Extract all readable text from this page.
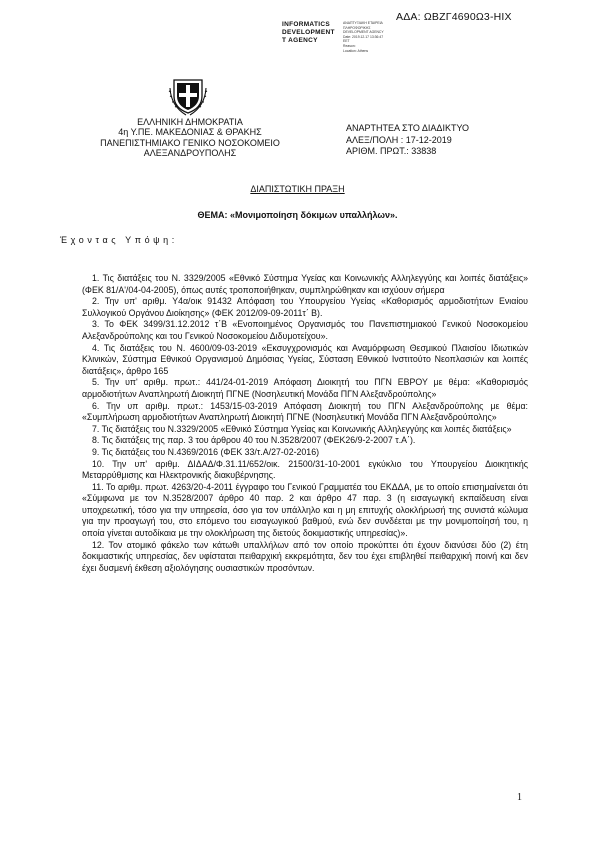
ΑΔΑ: ΩΒΖΓ4690Ω3-ΗΙΧ
INFORMATICS
DEVELOPMENT
T AGENCY
ΑΝΑΠΤΥΞΙΑΚΗ ΕΤΑΙΡΕΙΑ
ΠΛΗΡΟΦΟΡΙΚΗΣ
DEVELOPMENT AGENCY
Date: 2019.12.17 13:36:47
EET
Reason:
Location: Athens
ΕΛΛΗΝΙΚΗ ΔΗΜΟΚΡΑΤΙΑ
4η Υ.ΠΕ. ΜΑΚΕΔΟΝΙΑΣ & ΘΡΑΚΗΣ
ΠΑΝΕΠΙΣΤΗΜΙΑΚΟ ΓΕΝΙΚΟ ΝΟΣΟΚΟΜΕΙΟ
ΑΛΕΞΑΝΔΡΟΥΠΟΛΗΣ
ΑΝΑΡΤΗΤΕΑ ΣΤΟ ΔΙΑΔΙΚΤΥΟ
ΑΛΕΞ/ΠΟΛΗ : 17-12-2019
ΑΡΙΘΜ. ΠΡΩΤ.: 33838
ΔΙΑΠΙΣΤΩΤΙΚΗ ΠΡΑΞΗ
ΘΕΜΑ: «Μονιμοποίηση δόκιμων υπαλλήλων».
Έχοντας Υπόψη:

1. Τις διατάξεις του Ν. 3329/2005 «Εθνικό Σύστημα Υγείας και Κοινωνικής Αλληλεγγύης και λοιπές διατάξεις» (ΦΕΚ 81/Α'/04-04-2005), όπως αυτές τροποποιήθηκαν, συμπληρώθηκαν και ισχύουν σήμερα

2. Την υπ' αριθμ. Υ4α/οικ 91432 Απόφαση του Υπουργείου Υγείας «Καθορισμός αρμοδιοτήτων Ενιαίου Συλλογικού Οργάνου Διοίκησης» (ΦΕΚ 2012/09-09-2011τ΄ Β).

3. Το ΦΕΚ 3499/31.12.2012 τ΄Β «Ενοποιημένος Οργανισμός του Πανεπιστημιακού Γενικού Νοσοκομείου Αλεξανδρούπολης και του Γενικού Νοσοκομείου Διδυμοτείχου».

4. Τις διατάξεις του Ν. 4600/09-03-2019 «Εκσυγχρονισμός και Αναμόρφωση Θεσμικού Πλαισίου Ιδιωτικών Κλινικών, Σύστημα Εθνικού Οργανισμού Δημόσιας Υγείας, Σύσταση Εθνικού Ινστιτούτο Νεοπλασιών και λοιπές διατάξεις», άρθρο 165

5. Την υπ' αριθμ. πρωτ.: 441/24-01-2019 Απόφαση Διοικητή του ΠΓΝ ΕΒΡΟΥ με θέμα: «Καθορισμός αρμοδιοτήτων Αναπληρωτή Διοικητή ΠΓΝΕ (Νοσηλευτική Μονάδα ΠΓΝ Αλεξανδρούπολης»

6. Την υπ αριθμ. πρωτ.: 1453/15-03-2019 Απόφαση Διοικητή του ΠΓΝ Αλεξανδρούπολης με θέμα: «Συμπλήρωση αρμοδιοτήτων Αναπληρωτή Διοικητή ΠΓΝΕ (Νοσηλευτική Μονάδα ΠΓΝ Αλεξανδρούπολης»

7. Τις διατάξεις του Ν.3329/2005 «Εθνικό Σύστημα Υγείας και Κοινωνικής Αλληλεγγύης και λοιπές διατάξεις»

8. Τις διατάξεις της παρ. 3 του άρθρου 40 του Ν.3528/2007 (ΦΕΚ26/9-2-2007 τ.Α΄).

9. Τις διατάξεις του Ν.4369/2016 (ΦΕΚ 33/τ.Α/27-02-2016)

10. Την υπ' αριθμ. ΔΙΔΑΔ/Φ.31.11/652/οικ. 21500/31-10-2001 εγκύκλιο του Υπουργείου Διοικητικής Μεταρρύθμισης και Ηλεκτρονικής διακυβέρνησης.

11. Το αριθμ. πρωτ. 4263/20-4-2011 έγγραφο του Γενικού Γραμματέα του ΕΚΔΔΑ, με το οποίο επισημαίνεται ότι «Σύμφωνα με τον Ν.3528/2007 άρθρο 40 παρ. 2 και άρθρο 47 παρ. 3 (η εισαγωγική εκπαίδευση είναι υποχρεωτική, τόσο για την υπηρεσία, όσο για τον υπάλληλο και η μη επιτυχής ολοκλήρωσή της συνιστά κώλυμα για την προαγωγή του, στο επόμενο του εισαγωγικού βαθμού, ενώ δεν συνδέεται με την μονιμοποίησή του, η οποία γίνεται αυτοδίκαια με την ολοκλήρωση της διετούς δοκιμαστικής υπηρεσίας)».

12. Τον ατομικό φάκελο των κάτωθι υπαλλήλων από τον οποίο προκύπτει ότι έχουν διανύσει δύο (2) έτη δοκιμαστικής υπηρεσίας, δεν υφίσταται πειθαρχική εκκρεμότητα, δεν του έχει επιβληθεί πειθαρχική ποινή και δεν έχει δυσμενή έκθεση αξιολόγησης ουσιαστικών προσόντων.

1
